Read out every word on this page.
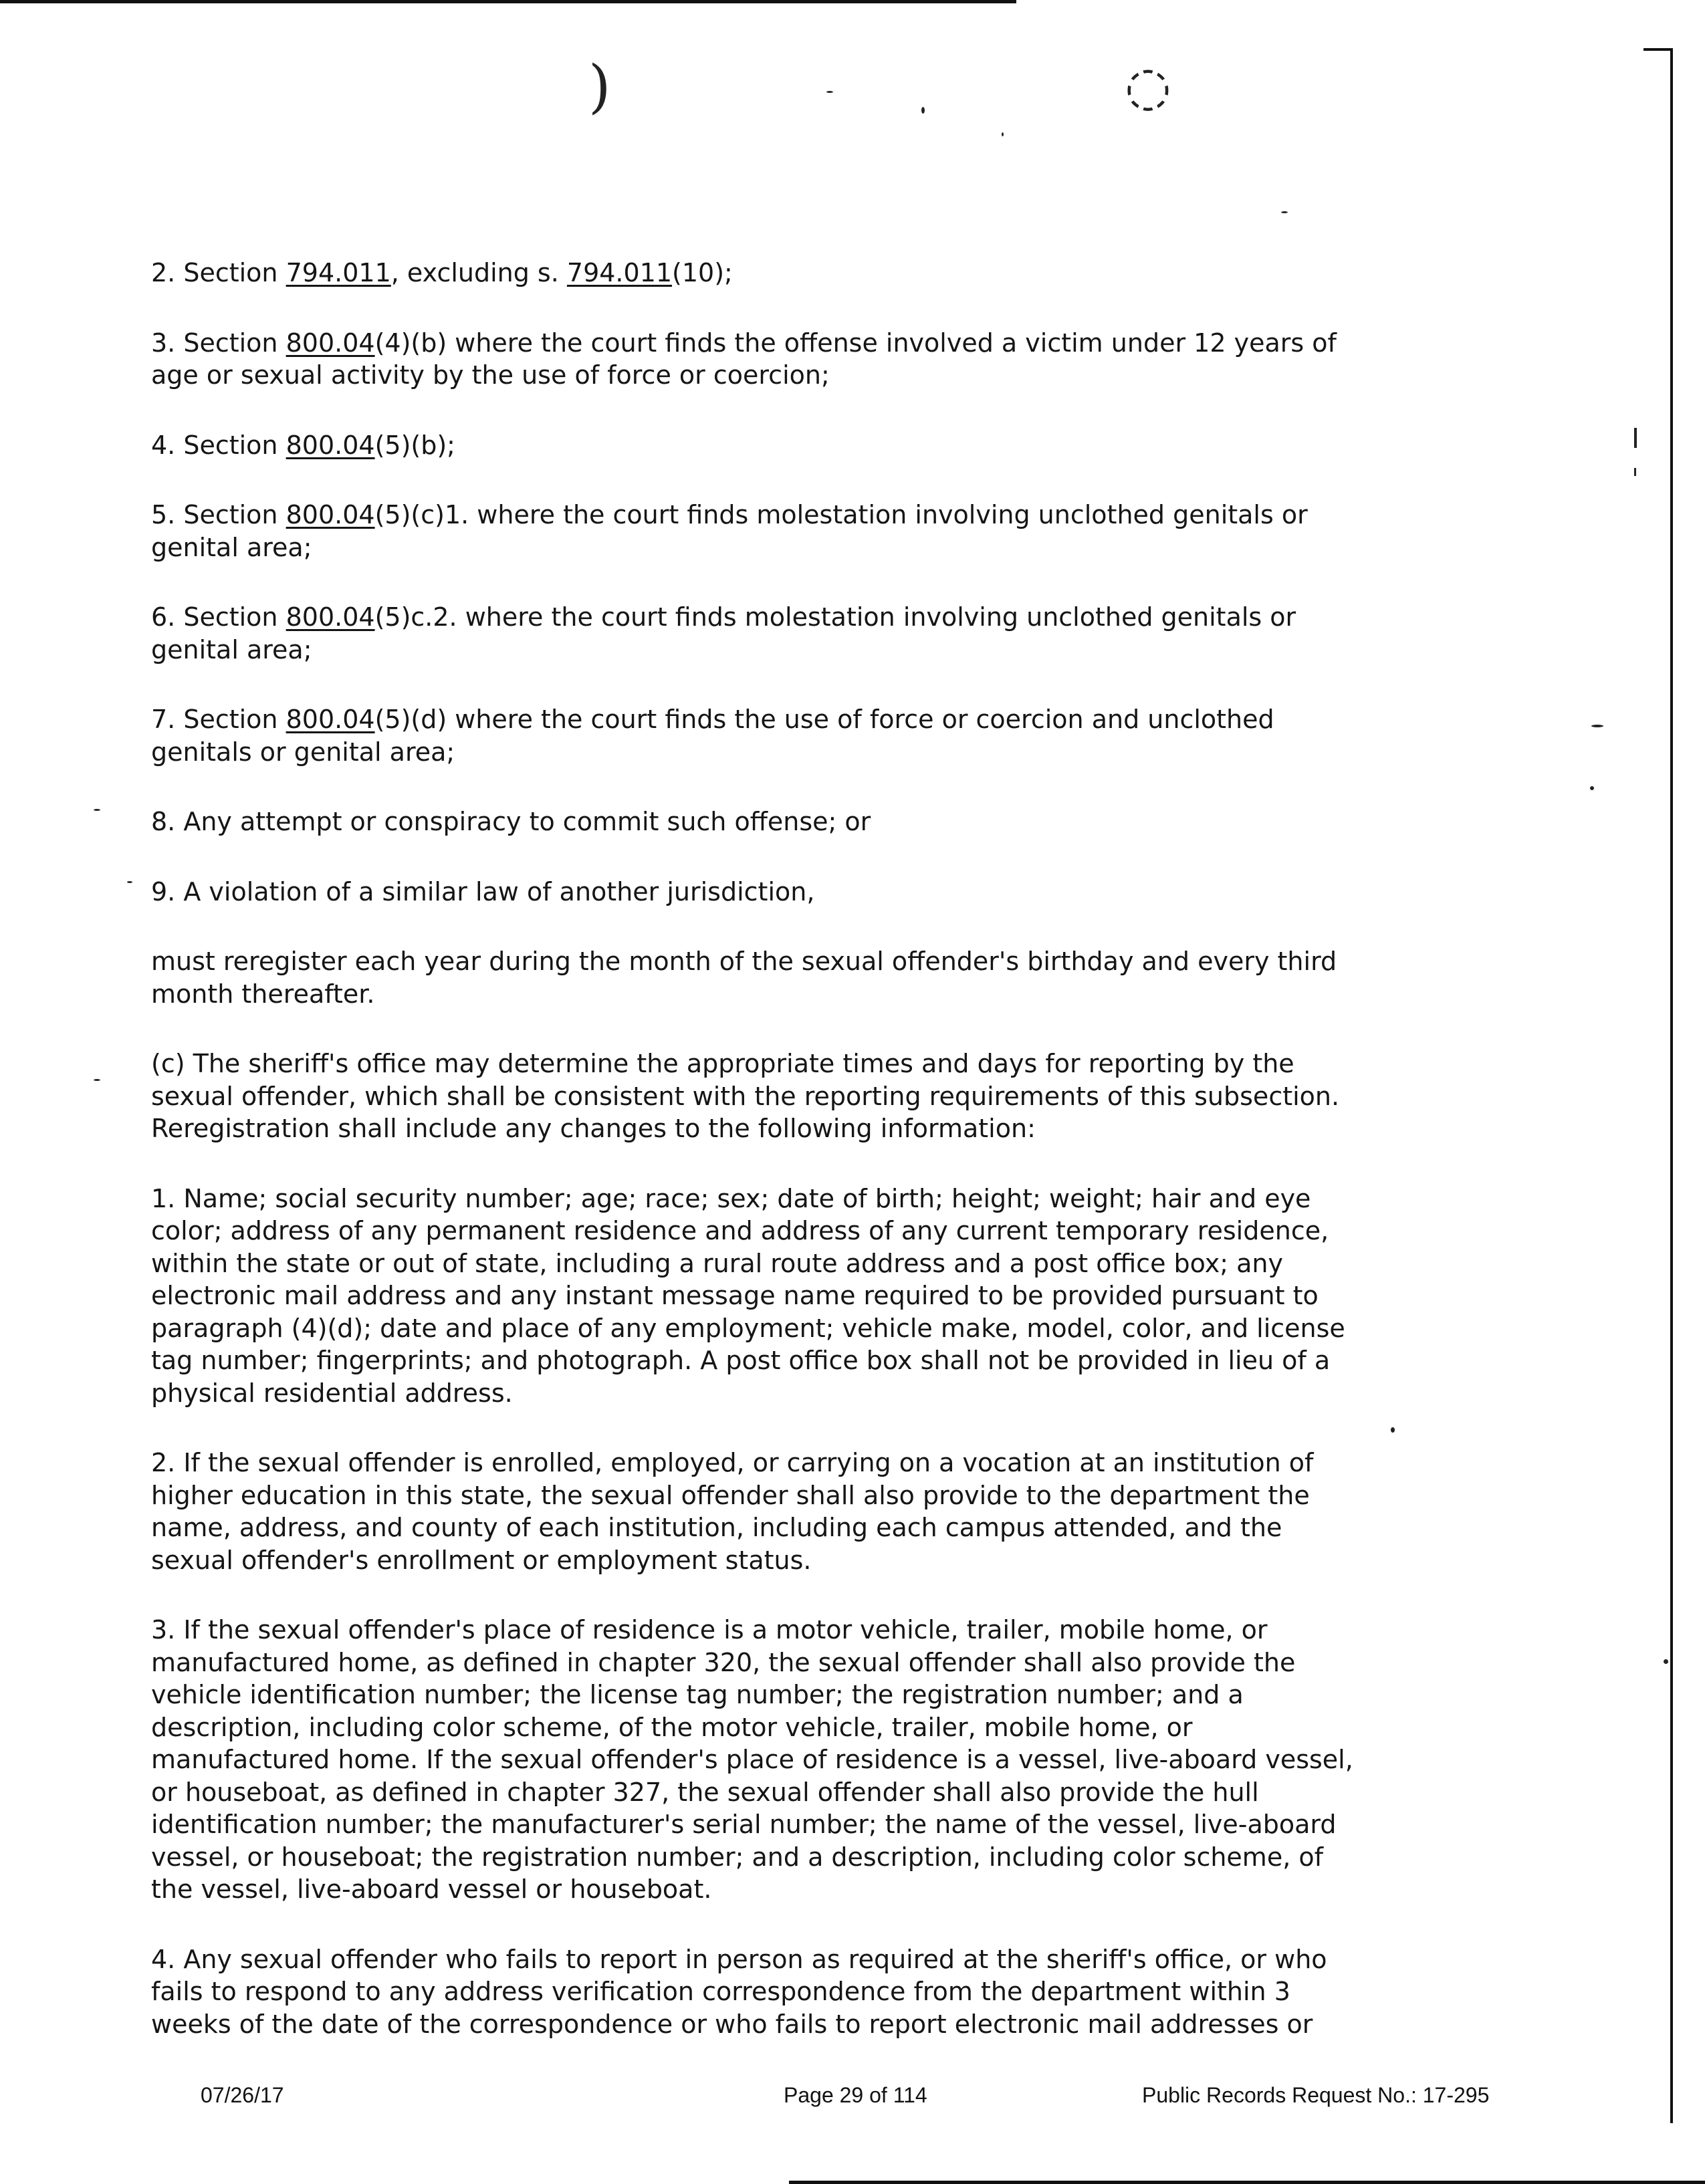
)	◌

2. Section 794.011, excluding s. 794.011(10);

3. Section 800.04(4)(b) where the court finds the offense involved a victim under 12 years of age or sexual activity by the use of force or coercion;

4. Section 800.04(5)(b);

5. Section 800.04(5)(c)1. where the court finds molestation involving unclothed genitals or genital area;

6. Section 800.04(5)c.2. where the court finds molestation involving unclothed genitals or genital area;

7. Section 800.04(5)(d) where the court finds the use of force or coercion and unclothed genitals or genital area;

8. Any attempt or conspiracy to commit such offense; or

9. A violation of a similar law of another jurisdiction,

must reregister each year during the month of the sexual offender's birthday and every third month thereafter.

(c) The sheriff's office may determine the appropriate times and days for reporting by the sexual offender, which shall be consistent with the reporting requirements of this subsection. Reregistration shall include any changes to the following information:

1. Name; social security number; age; race; sex; date of birth; height; weight; hair and eye color; address of any permanent residence and address of any current temporary residence, within the state or out of state, including a rural route address and a post office box; any electronic mail address and any instant message name required to be provided pursuant to paragraph (4)(d); date and place of any employment; vehicle make, model, color, and license tag number; fingerprints; and photograph. A post office box shall not be provided in lieu of a physical residential address.

2. If the sexual offender is enrolled, employed, or carrying on a vocation at an institution of higher education in this state, the sexual offender shall also provide to the department the name, address, and county of each institution, including each campus attended, and the sexual offender's enrollment or employment status.

3. If the sexual offender's place of residence is a motor vehicle, trailer, mobile home, or manufactured home, as defined in chapter 320, the sexual offender shall also provide the vehicle identification number; the license tag number; the registration number; and a description, including color scheme, of the motor vehicle, trailer, mobile home, or manufactured home. If the sexual offender's place of residence is a vessel, live-aboard vessel, or houseboat, as defined in chapter 327, the sexual offender shall also provide the hull identification number; the manufacturer's serial number; the name of the vessel, live-aboard vessel, or houseboat; the registration number; and a description, including color scheme, of the vessel, live-aboard vessel or houseboat.

4. Any sexual offender who fails to report in person as required at the sheriff's office, or who fails to respond to any address verification correspondence from the department within 3 weeks of the date of the correspondence or who fails to report electronic mail addresses or

07/26/17	Page 29 of 114	Public Records Request No.: 17-295
